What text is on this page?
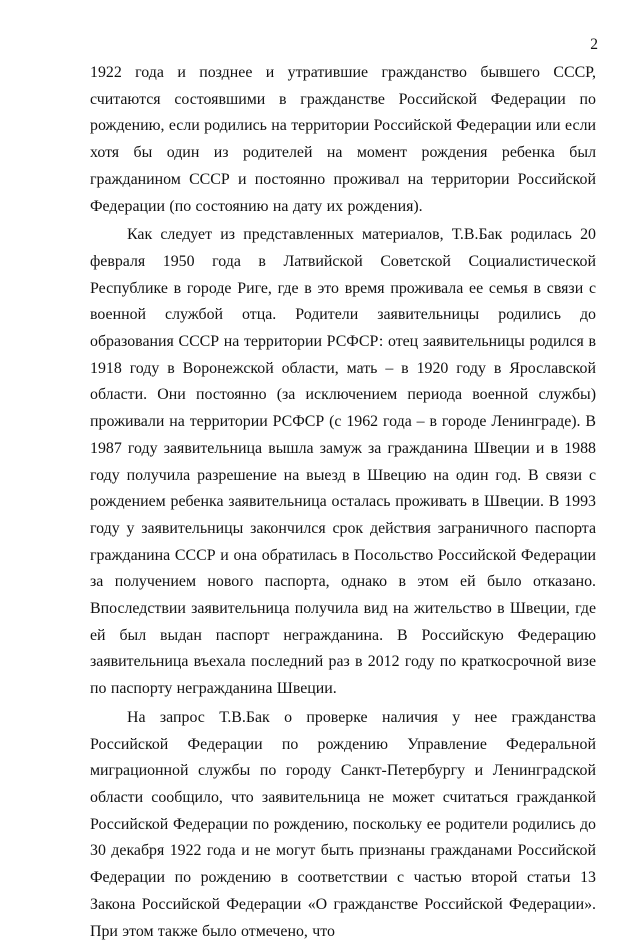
2

1922 года и позднее и утратившие гражданство бывшего СССР, считаются состоявшими в гражданстве Российской Федерации по рождению, если родились на территории Российской Федерации или если хотя бы один из родителей на момент рождения ребенка был гражданином СССР и постоянно проживал на территории Российской Федерации (по состоянию на дату их рождения).

Как следует из представленных материалов, Т.В.Бак родилась 20 февраля 1950 года в Латвийской Советской Социалистической Республике в городе Риге, где в это время проживала ее семья в связи с военной службой отца. Родители заявительницы родились до образования СССР на территории РСФСР: отец заявительницы родился в 1918 году в Воронежской области, мать – в 1920 году в Ярославской области. Они постоянно (за исключением периода военной службы) проживали на территории РСФСР (с 1962 года – в городе Ленинграде). В 1987 году заявительница вышла замуж за гражданина Швеции и в 1988 году получила разрешение на выезд в Швецию на один год. В связи с рождением ребенка заявительница осталась проживать в Швеции. В 1993 году у заявительницы закончился срок действия заграничного паспорта гражданина СССР и она обратилась в Посольство Российской Федерации за получением нового паспорта, однако в этом ей было отказано. Впоследствии заявительница получила вид на жительство в Швеции, где ей был выдан паспорт негражданина. В Российскую Федерацию заявительница въехала последний раз в 2012 году по краткосрочной визе по паспорту негражданина Швеции.

На запрос Т.В.Бак о проверке наличия у нее гражданства Российской Федерации по рождению Управление Федеральной миграционной службы по городу Санкт-Петербургу и Ленинградской области сообщило, что заявительница не может считаться гражданкой Российской Федерации по рождению, поскольку ее родители родились до 30 декабря 1922 года и не могут быть признаны гражданами Российской Федерации по рождению в соответствии с частью второй статьи 13 Закона Российской Федерации «О гражданстве Российской Федерации». При этом также было отмечено, что
